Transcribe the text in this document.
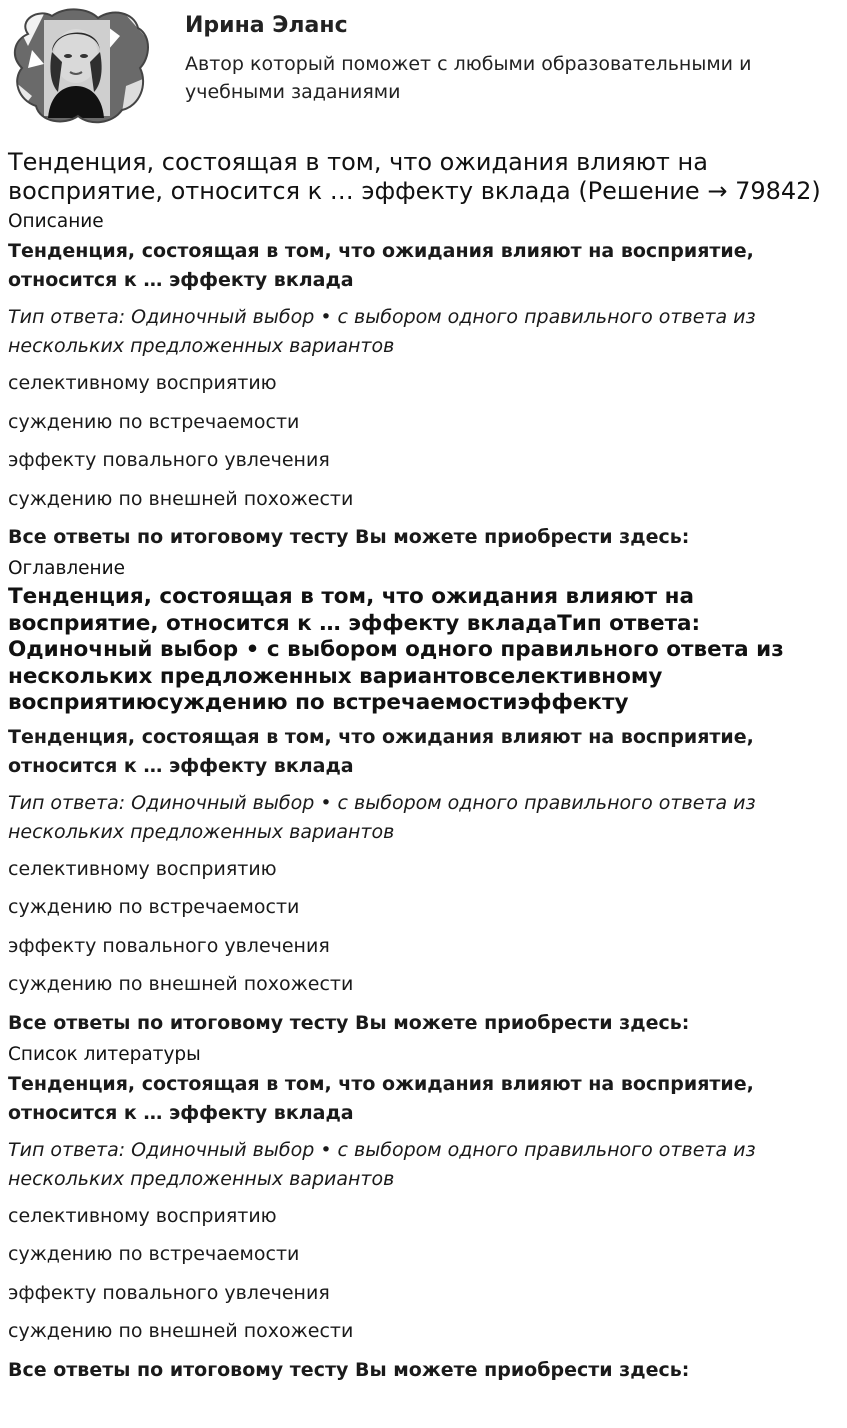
Ирина Эланс

Автор который поможет с любыми образовательными и учебными заданиями

Тенденция, состоящая в том, что ожидания влияют на восприятие, относится к … эффекту вклада (Решение → 79842)
Описание

Тенденция, состоящая в том, что ожидания влияют на восприятие, относится к … эффекту вклада

Тип ответа: Одиночный выбор • с выбором одного правильного ответа из нескольких предложенных вариантов

селективному восприятию

суждению по встречаемости

эффекту повального увлечения

суждению по внешней похожести

Все ответы по итоговому тесту Вы можете приобрести здесь:

Оглавление
Тенденция, состоящая в том, что ожидания влияют на восприятие, относится к … эффекту вкладаТип ответа: Одиночный выбор • с выбором одного правильного ответа из нескольких предложенных вариантовселективному восприятиюсуждению по встречаемостиэффекту

Тенденция, состоящая в том, что ожидания влияют на восприятие, относится к … эффекту вклада

Тип ответа: Одиночный выбор • с выбором одного правильного ответа из нескольких предложенных вариантов

селективному восприятию

суждению по встречаемости

эффекту повального увлечения

суждению по внешней похожести

Все ответы по итоговому тесту Вы можете приобрести здесь:

Список литературы

Тенденция, состоящая в том, что ожидания влияют на восприятие, относится к … эффекту вклада

Тип ответа: Одиночный выбор • с выбором одного правильного ответа из нескольких предложенных вариантов

селективному восприятию

суждению по встречаемости

эффекту повального увлечения

суждению по внешней похожести

Все ответы по итоговому тесту Вы можете приобрести здесь:
